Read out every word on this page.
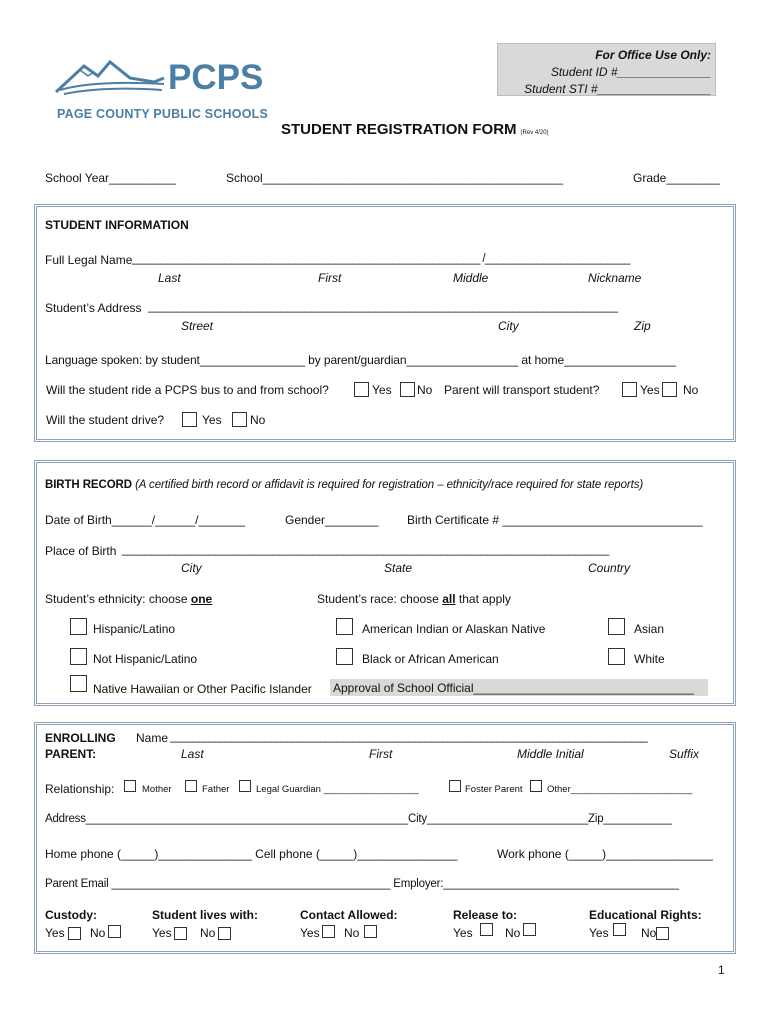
For Office Use Only:
Student ID #______________
Student STI #_________________
PCPS
PAGE COUNTY PUBLIC SCHOOLS
STUDENT REGISTRATION FORM (Rev 4/20)
School Year__________	School_____________________________________________	Grade________
STUDENT INFORMATION
Full Legal Name ____________________________________________________________ /_________________________
Last	First	Middle	Nickname
Student’s Address _________________________________________________________________________________
Street	City	Zip
Language spoken: by student________________ by parent/guardian_________________ at home_________________
Will the student ride a PCPS bus to and from school?	Yes No Parent will transport student?	Yes No
Will the student drive?	Yes No
BIRTH RECORD (A certified birth record or affidavit is required for registration – ethnicity/race required for state reports)
Date of Birth______/______/_______	Gender________ Birth Certificate # ______________________________
Place of Birth ____________________________________________________________________________________
City	State	Country
Student’s ethnicity: choose one	Student’s race: choose all that apply
Hispanic/Latino
Not Hispanic/Latino
American Indian or Alaskan Native
Black or African American
Asian
White
Native Hawaiian or Other Pacific Islander Approval of School Official_________________________________
ENROLLING
PARENT:
Name ______________________________________________________________________________________
Last	First	Middle Initial	Suffix
Relationship:	Mother	Father	Legal Guardian __________________	Foster Parent	Other_______________________
Address____________________________________________________City__________________________Zip___________
Home phone (_____)______________ Cell phone (_____)_______________	Work phone (_____)________________
Parent Email _____________________________________________ Employer:______________________________________
Custody:
Yes No
Student lives with:
Yes No
Contact Allowed:
Yes No
Release to:
Yes	No
Educational Rights:
Yes	No
1
